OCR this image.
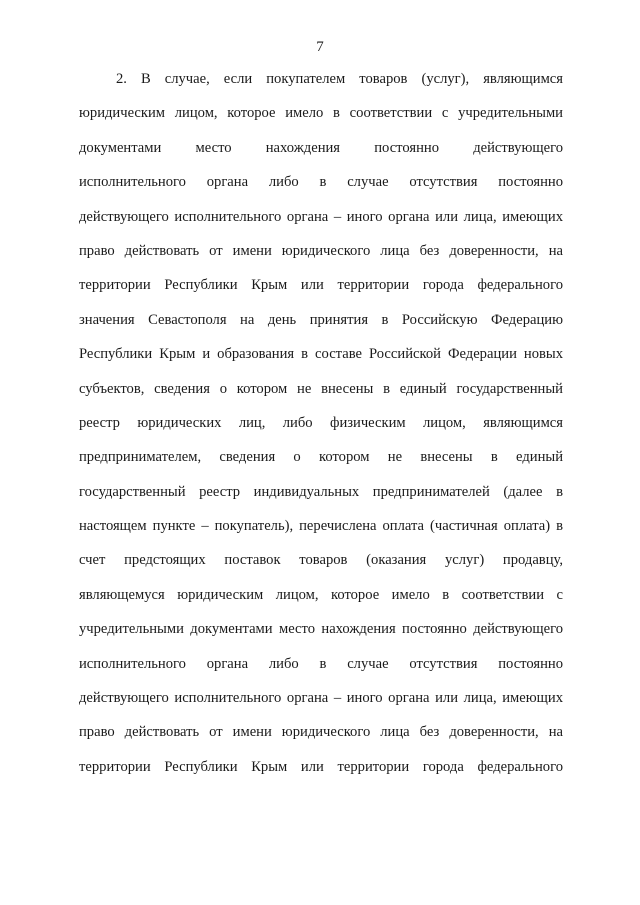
7
2. В случае, если покупателем товаров (услуг), являющимся
юридическим лицом, которое имело в соответствии с учредительными
документами место нахождения постоянно действующего
исполнительного органа либо в случае отсутствия постоянно
действующего исполнительного органа – иного органа или лица, имеющих
право действовать от имени юридического лица без доверенности, на
территории Республики Крым или территории города федерального
значения Севастополя на день принятия в Российскую Федерацию
Республики Крым и образования в составе Российской Федерации новых
субъектов, сведения о котором не внесены в единый государственный
реестр юридических лиц, либо физическим лицом, являющимся
предпринимателем, сведения о котором не внесены в единый
государственный реестр индивидуальных предпринимателей (далее в
настоящем пункте – покупатель), перечислена оплата (частичная оплата) в
счет предстоящих поставок товаров (оказания услуг) продавцу,
являющемуся юридическим лицом, которое имело в соответствии с
учредительными документами место нахождения постоянно действующего
исполнительного органа либо в случае отсутствия постоянно
действующего исполнительного органа – иного органа или лица, имеющих
право действовать от имени юридического лица без доверенности, на
территории Республики Крым или территории города федерального
